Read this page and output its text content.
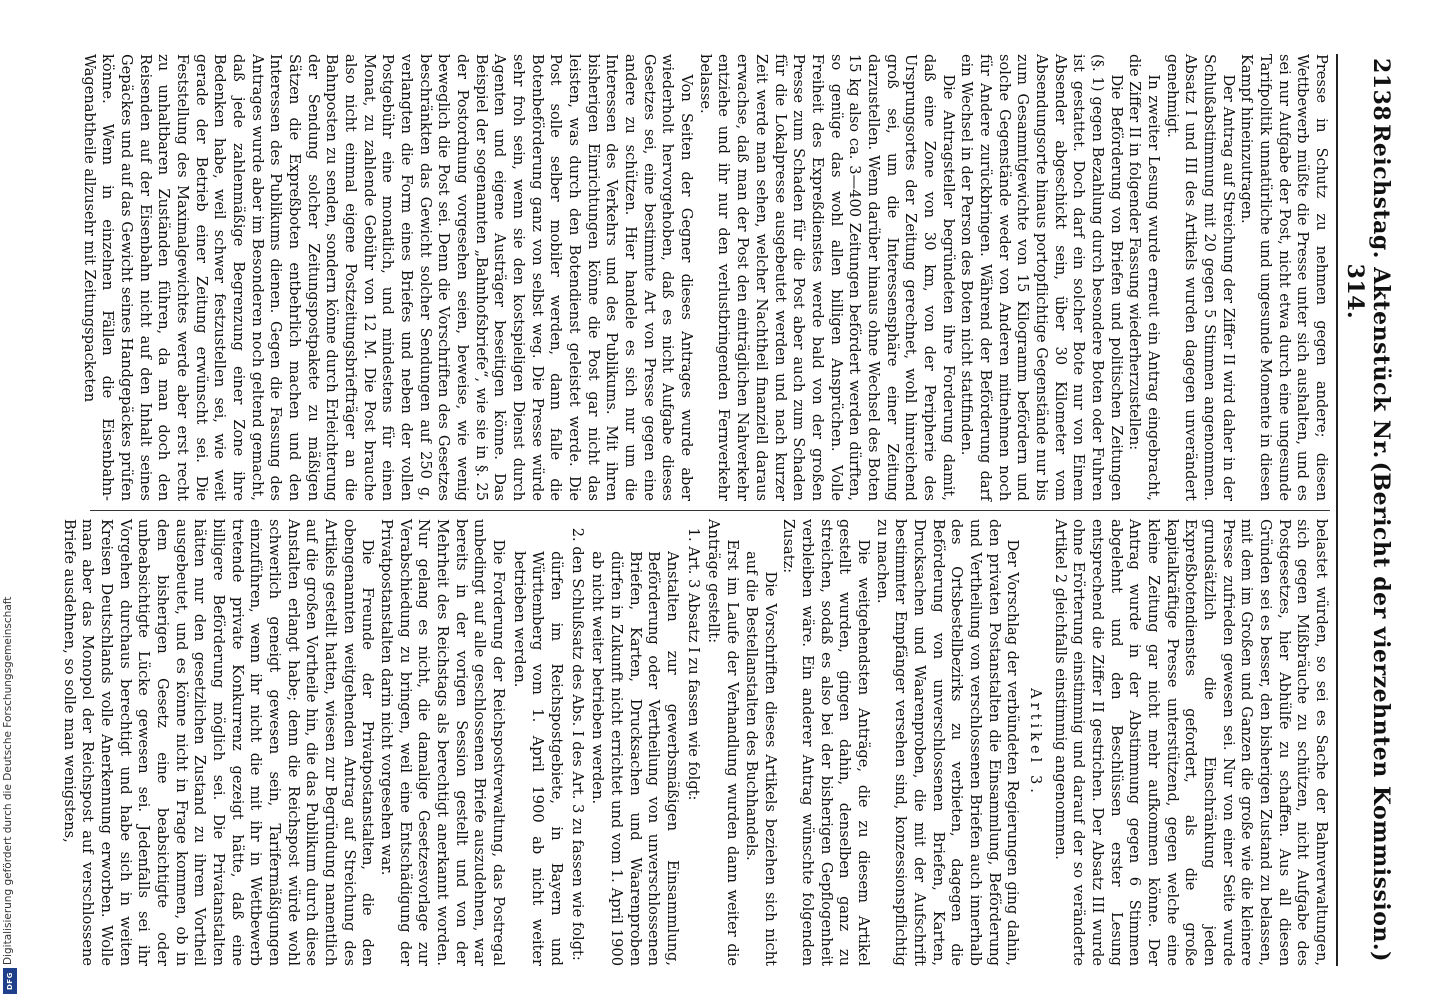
2138
Reichstag. Aktenstück Nr. 314.
(Bericht der vierzehnten Kommission.)

Presse in Schutz zu nehmen gegen andere; diesen Wettbewerb müßte die Presse unter sich aushalten, und es sei nur Aufgabe der Post, nicht etwa durch eine ungesunde Tarifpolitik unnatürliche und ungesunde Momente in diesen Kampf hineinzutragen.

Der Antrag auf Streichung der Ziffer II wird daher in der Schlußabstimmung mit 20 gegen 5 Stimmen angenommen. Absatz I und III des Artikels wurden dagegen unverändert genehmigt.

In zweiter Lesung wurde erneut ein Antrag eingebracht, die Ziffer II in folgender Fassung wiederherzustellen:

Die Beförderung von Briefen und politischen Zeitungen (§. 1) gegen Bezahlung durch besondere Boten oder Fuhren ist gestattet. Doch darf ein solcher Bote nur von Einem Absender abgeschickt sein, über 30 Kilometer vom Absendungsorte hinaus portopflichtige Gegenstände nur bis zum Gesammtgewichte von 15 Kilogramm befördern und solche Gegenstände weder von Anderen mitnehmen noch für Andere zurückbringen. Während der Beförderung darf ein Wechsel in der Person des Boten nicht stattfinden.

Die Antragsteller begründeten ihre Forderung damit, daß eine Zone von 30 km, von der Peripherie des Ursprungsortes der Zeitung gerechnet, wohl hinreichend groß sei, um die Interessensphäre einer Zeitung darzustellen. Wenn darüber hinaus ohne Wechsel des Boten 15 kg also ca. 3—400 Zeitungen befördert werden dürften, so genüge das wohl allen billigen Ansprüchen. Volle Freiheit des Expreßdienstes werde bald von der großen Presse zum Schaden für die Post aber auch zum Schaden für die Lokalpresse ausgebeutet werden und nach kurzer Zeit werde man sehen, welcher Nachtheil finanziell daraus erwachse, daß man der Post den einträglichen Nahverkehr entziehe und ihr nur den verlustbringenden Fernverkehr belasse.

Von Seiten der Gegner dieses Antrages wurde aber wiederholt hervorgehoben, daß es nicht Aufgabe dieses Gesetzes sei, eine bestimmte Art von Presse gegen eine andere zu schützen. Hier handele es sich nur um die Interessen des Verkehrs und des Publikums. Mit ihren bisherigen Einrichtungen könne die Post gar nicht das leisten, was durch den Botendienst geleistet werde. Die Post solle selber mobiler werden, dann falle die Botenbeförderung ganz von selbst weg. Die Presse würde sehr froh sein, wenn sie den kostspieligen Dienst durch Agenten und eigene Austräger beseitigen könne. Das Beispiel der sogenannten „Bahnhofsbriefe“, wie sie in §. 25 der Postordnung vorgesehen seien, beweise, wie wenig beweglich die Post sei. Denn die Vorschriften des Gesetzes beschränkten das Gewicht solcher Sendungen auf 250 g, verlangten die Form eines Briefes und neben der vollen Postgebühr eine monatlich, und mindestens für einen Monat, zu zahlende Gebühr von 12 M. Die Post brauche also nicht einmal eigene Postzeitungsbriefträger an die Bahnposten zu senden, sondern könne durch Erleichterung der Sendung solcher Zeitungspostpakete zu mäßigen Sätzen die Expreßboten entbehrlich machen und den Interessen des Publikums dienen. Gegen die Fassung des Antrages wurde aber im Besonderen noch geltend gemacht, daß jede zahlenmäßige Begrenzung einer Zone ihre Bedenken habe, weil schwer festzustellen sei, wie weit gerade der Betrieb einer Zeitung erwünscht sei. Die Feststellung des Maximalgewichtes werde aber erst recht zu unhaltbaren Zuständen führen, da man doch den Reisenden auf der Eisenbahn nicht auf den Inhalt seines Gepäckes und auf das Gewicht seines Handgepäckes prüfen könne. Wenn in einzelnen Fällen die Eisenbahn-Wagenabtheile allzusehr mit Zeitungspacketen

belastet würden, so sei es Sache der Bahnverwaltungen, sich gegen Mißbräuche zu schützen, nicht Aufgabe des Postgesetzes, hier Abhülfe zu schaffen. Aus all diesen Gründen sei es besser, den bisherigen Zustand zu belassen, mit dem im Großen und Ganzen die große wie die kleinere Presse zufrieden gewesen sei. Nur von einer Seite wurde grundsätzlich die Einschränkung jeden Expreßbotendienstes gefordert, als die große kapitalkräftige Presse unterstützend, gegen welche eine kleine Zeitung gar nicht mehr aufkommen könne. Der Antrag wurde in der Abstimmung gegen 6 Stimmen abgelehnt und den Beschlüssen erster Lesung entsprechend die Ziffer II gestrichen. Der Absatz III wurde ohne Erörterung einstimmig und darauf der so veränderte Artikel 2 gleichfalls einstimmig angenommen.

Artikel 3.

Der Vorschlag der verbündeten Regierungen ging dahin, den privaten Postanstalten die Einsammlung, Beförderung und Vertheilung von verschlossenen Briefen auch innerhalb des Ortsbestellbezirks zu verbieten, dagegen die Beförderung von unverschlossenen Briefen, Karten, Drucksachen und Waarenproben, die mit der Aufschrift bestimmter Empfänger versehen sind, konzessionspflichtig zu machen.

Die weitgehendsten Anträge, die zu diesem Artikel gestellt wurden, gingen dahin, denselben ganz zu streichen, sodaß es also bei der bisherigen Gepflogenheit verbleiben wäre. Ein anderer Antrag wünschte folgenden Zusatz:

Die Vorschriften dieses Artikels beziehen sich nicht auf die Bestellanstalten des Buchhandels.

Erst im Laufe der Verhandlung wurden dann weiter die Anträge gestellt:

1. Art. 3 Absatz I zu fassen wie folgt:
Anstalten zur gewerbsmäßigen Einsammlung, Beförderung oder Vertheilung von unverschlossenen Briefen, Karten, Drucksachen und Waarenproben dürfen in Zukunft nicht errichtet und vom 1. April 1900 ab nicht weiter betrieben werden.
2. den Schlußsatz des Abs. I des Art. 3 zu fassen wie folgt:
dürfen im Reichspostgebiete, in Bayern und Württemberg vom 1. April 1900 ab nicht weiter betrieben werden.

Die Forderung der Reichspostverwaltung, das Postregal unbedingt auf alle geschlossenen Briefe auszudehnen, war bereits in der vorigen Session gestellt und von der Mehrheit des Reichstags als berechtigt anerkannt worden. Nur gelang es nicht, die damalige Gesetzesvorlage zur Verabschiedung zu bringen, weil eine Entschädigung der Privatpostanstalten darin nicht vorgesehen war.

Die Freunde der Privatpostanstalten, die den obengenannten weitgehenden Antrag auf Streichung des Artikels gestellt hatten, wiesen zur Begründung namentlich auf die großen Vortheile hin, die das Publikum durch diese Anstalten erlangt habe; denn die Reichspost würde wohl schwerlich geneigt gewesen sein, Tarifermäßigungen einzuführen, wenn ihr nicht die mit ihr in Wettbewerb tretende private Konkurrenz gezeigt hätte, daß eine billigere Beförderung möglich sei. Die Privatanstalten hätten nur den gesetzlichen Zustand zu ihrem Vortheil ausgebeutet, und es könne nicht in Frage kommen, ob in dem bisherigen Gesetz eine beabsichtigte oder unbeabsichtigte Lücke gewesen sei. Jedenfalls sei ihr Vorgehen durchaus berechtigt und habe sich in weiten Kreisen Deutschlands volle Anerkennung erworben. Wolle man aber das Monopol der Reichspost auf verschlossene Briefe ausdehnen, so solle man wenigstens,

Digitalisierung gefördert durch die Deutsche Forschungsgemeinschaft
DFG
